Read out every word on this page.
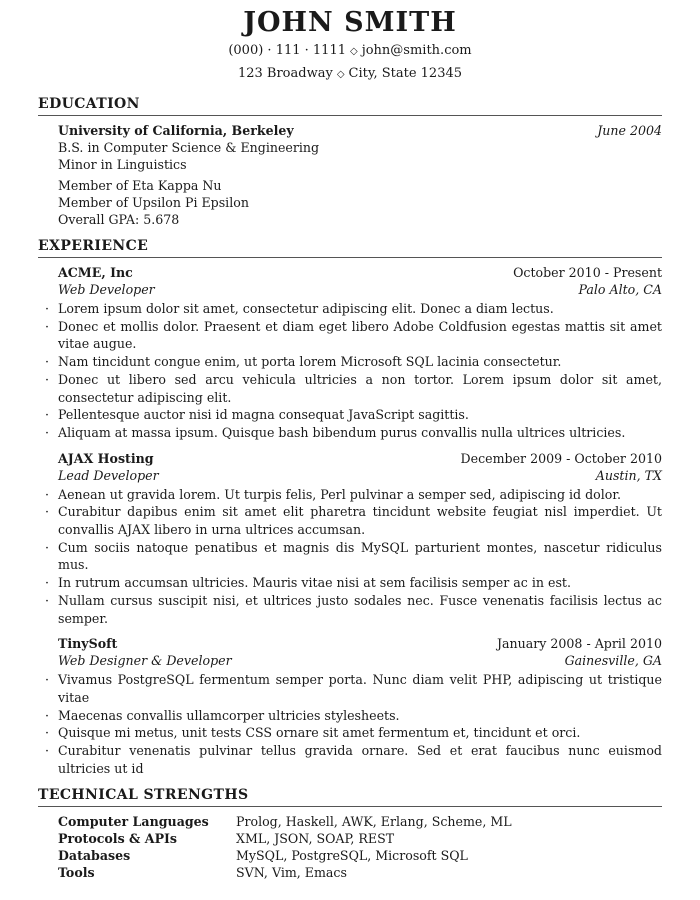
JOHN SMITH
(000) · 111 · 1111 ◇ john@smith.com
123 Broadway ◇ City, State 12345
EDUCATION
University of California, Berkeley	June 2004
B.S. in Computer Science & Engineering
Minor in Linguistics
Member of Eta Kappa Nu
Member of Upsilon Pi Epsilon
Overall GPA: 5.678
EXPERIENCE
ACME, Inc	October 2010 - Present
Web Developer	Palo Alto, CA
· Lorem ipsum dolor sit amet, consectetur adipiscing elit. Donec a diam lectus.
· Donec et mollis dolor. Praesent et diam eget libero Adobe Coldfusion egestas mattis sit amet vitae augue.
· Nam tincidunt congue enim, ut porta lorem Microsoft SQL lacinia consectetur.
· Donec ut libero sed arcu vehicula ultricies a non tortor. Lorem ipsum dolor sit amet, consectetur adipiscing elit.
· Pellentesque auctor nisi id magna consequat JavaScript sagittis.
· Aliquam at massa ipsum. Quisque bash bibendum purus convallis nulla ultrices ultricies.
AJAX Hosting	December 2009 - October 2010
Lead Developer	Austin, TX
· Aenean ut gravida lorem. Ut turpis felis, Perl pulvinar a semper sed, adipiscing id dolor.
· Curabitur dapibus enim sit amet elit pharetra tincidunt website feugiat nisl imperdiet. Ut convallis AJAX libero in urna ultrices accumsan.
· Cum sociis natoque penatibus et magnis dis MySQL parturient montes, nascetur ridiculus mus.
· In rutrum accumsan ultricies. Mauris vitae nisi at sem facilisis semper ac in est.
· Nullam cursus suscipit nisi, et ultrices justo sodales nec. Fusce venenatis facilisis lectus ac semper.
TinySoft	January 2008 - April 2010
Web Designer & Developer	Gainesville, GA
· Vivamus PostgreSQL fermentum semper porta. Nunc diam velit PHP, adipiscing ut tristique vitae
· Maecenas convallis ullamcorper ultricies stylesheets.
· Quisque mi metus, unit tests CSS ornare sit amet fermentum et, tincidunt et orci.
· Curabitur venenatis pulvinar tellus gravida ornare. Sed et erat faucibus nunc euismod ultricies ut id
TECHNICAL STRENGTHS
Computer Languages	Prolog, Haskell, AWK, Erlang, Scheme, ML
Protocols & APIs	XML, JSON, SOAP, REST
Databases	MySQL, PostgreSQL, Microsoft SQL
Tools	SVN, Vim, Emacs
